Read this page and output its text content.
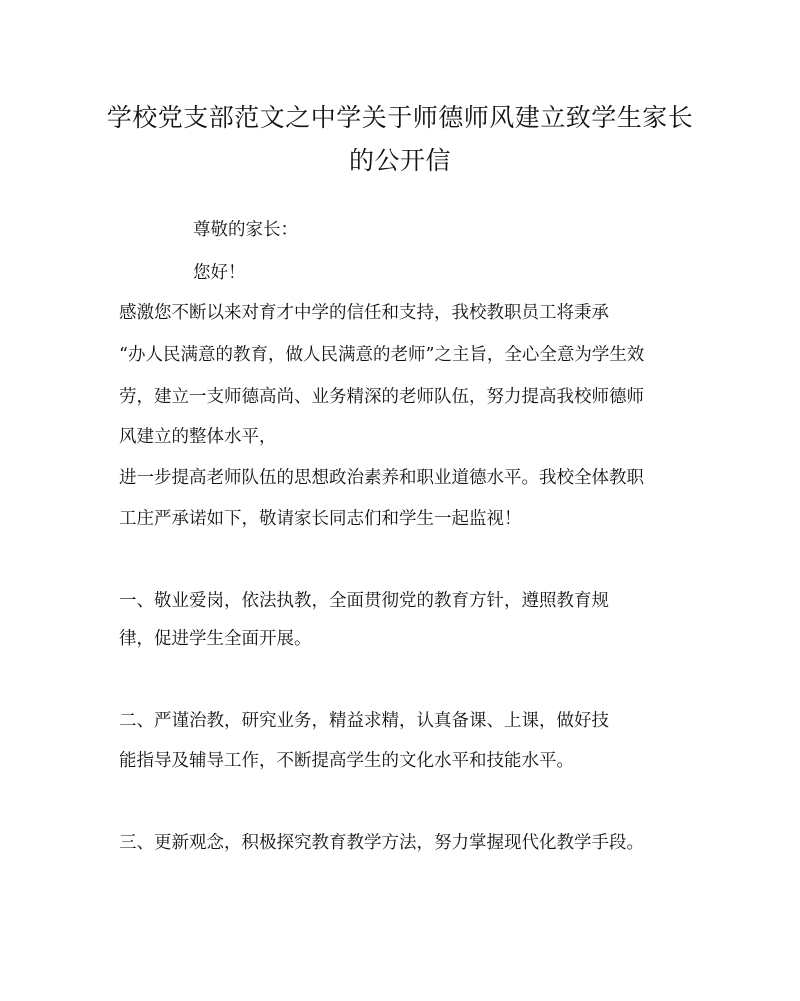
学校党支部范文之中学关于师德师风建立致学生家长
的公开信

尊敬的家长：

您好！

感激您不断以来对育才中学的信任和支持，我校教职员工将秉承

“办人民满意的教育，做人民满意的老师”之主旨，全心全意为学生效

劳，建立一支师德高尚、业务精深的老师队伍，努力提高我校师德师

风建立的整体水平，

进一步提高老师队伍的思想政治素养和职业道德水平。我校全体教职

工庄严承诺如下，敬请家长同志们和学生一起监视！

一、敬业爱岗，依法执教，全面贯彻党的教育方针，遵照教育规

律，促进学生全面开展。

二、严谨治教，研究业务，精益求精，认真备课、上课，做好技

能指导及辅导工作，不断提高学生的文化水平和技能水平。

三、更新观念，积极探究教育教学方法，努力掌握现代化教学手段。
